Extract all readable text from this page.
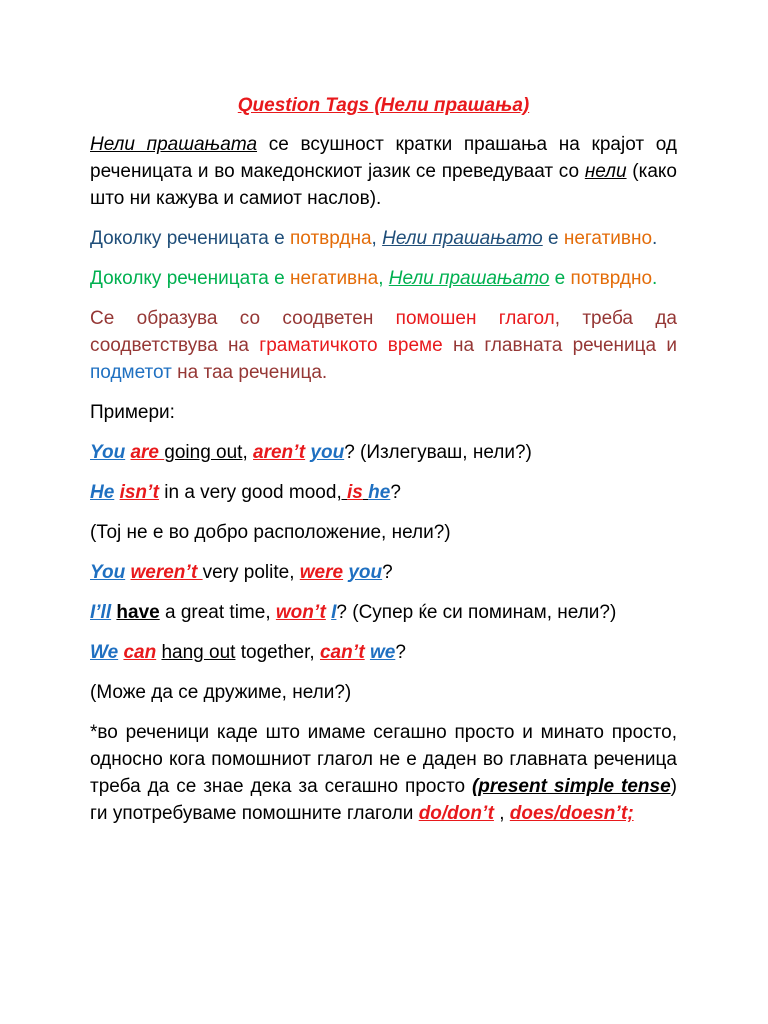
Question Tags (Нели прашања)

Нели прашањата се всушност кратки прашања на крајот од реченицата и во македонскиот јазик се преведуваат со нели (како што ни кажува и самиот наслов).

Доколку реченицата е потврдна, Нели прашањато е негативно.

Доколку реченицата е негативна, Нели прашањато е потврдно.

Се образува со соодветен помошен глагол, треба да соодветствува на граматичкото време на главната реченица и подметот на таа реченица.

Примери:

You are going out, aren’t you? (Излегуваш, нели?)

He isn’t in a very good mood, is he?

(Тој не е во добро расположение, нели?)

You weren’t very polite, were you?

I’ll have a great time, won’t I? (Супер ќе си поминам, нели?)

We can hang out together, can’t we?

(Може да се дружиме, нели?)

*во реченици каде што имаме сегашно просто и минато просто, односно кога помошниот глагол не е даден во главната реченица треба да се знае дека за сегашно просто (present simple tense) ги употребуваме помошните глаголи do/don’t , does/doesn’t;
